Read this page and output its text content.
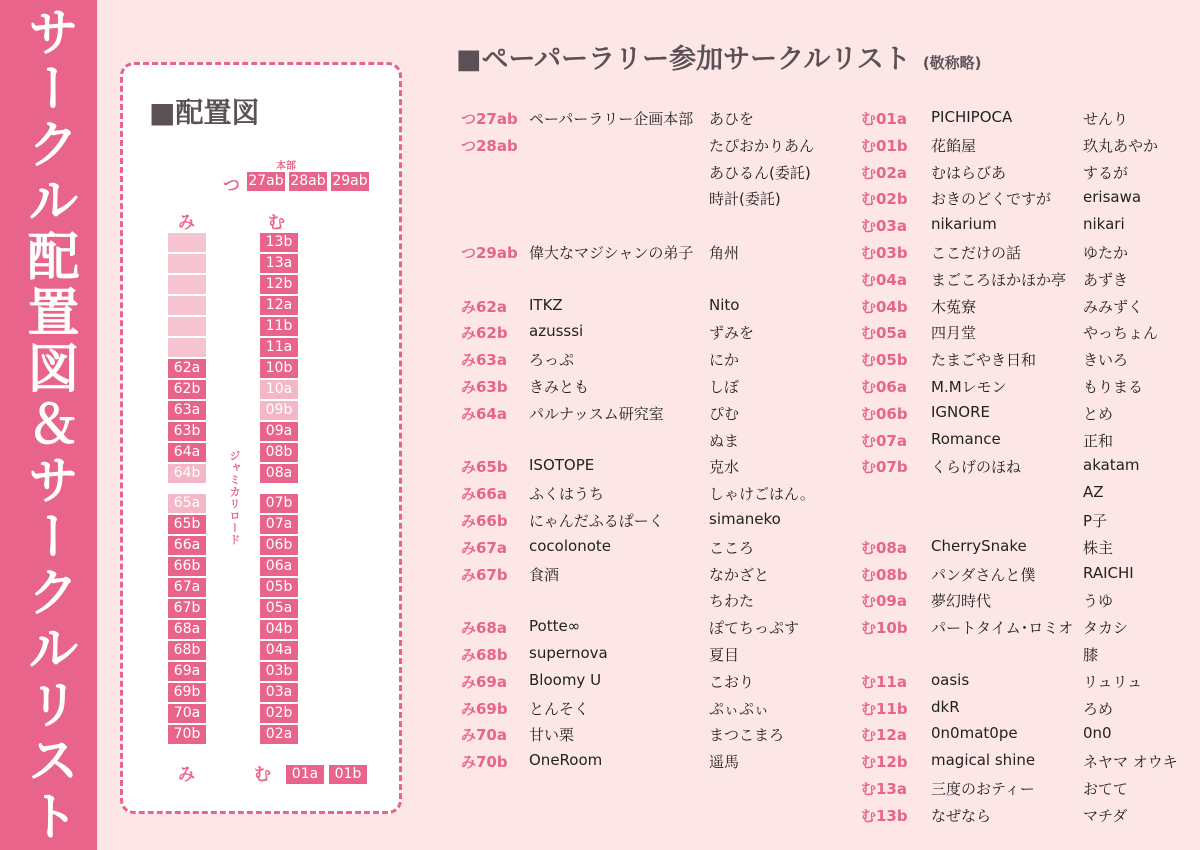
サークル配置図＆サークルリスト	■配置図
本部
つ 27ab 28ab 29ab
み	む
62a
62b
63a
63b
64a
64b
65a
65b
66a
66b
67a
67b
68a
68b
69a
69b
70a
70b
13b
13a
12b
12a
11b
11a
10b
10a
09b
09a
08b
08a
07b
07a
06b
06a
05b
05a
04b
04a
03b
03a
02b
02a
ジャミカリロード
み	む	01a	01b
■ペーパーラリー参加サークルリスト (敬称略)
つ27ab ペーパーラリー企画本部 あひを
つ28ab	たぴおかりあん
あひるん(委託)
時計(委託)
つ29ab 偉大なマジシャンの弟子 角州
み62a ITKZ	Nito
み62b azusssi	ずみを
み63a ろっぷ	にか
み63b きみとも	しぼ
み64a パルナッスム研究室	ぴむ
ぬま
み65b ISOTOPE	克水
み66a ふくはうち	しゃけごはん。
み66b にゃんだふるぱーく	simaneko
み67a cocolonote	こころ
み67b 食酒	なかざと
ちわた
み68a Potte∞	ぽてちっぷす
み68b supernova	夏目
み69a Bloomy U	こおり
み69b とんそく	ぷぃぷぃ
み70a 甘い栗	まつこまろ
み70b OneRoom	遥馬
む01a PICHIPOCA	せんり
む01b 花餡屋	玖丸あやか
む02a むはらびあ	するが
む02b おきのどくですが erisawa
む03a nikarium	nikari
む03b ここだけの話	ゆたか
む04a まごころほかほか亭 あずき
む04b 木菟寮	みみずく
む05a 四月堂	やっちょん
む05b たまごやき日和	きいろ
む06a M.Mレモン	もりまる
む06b IGNORE	とめ
む07a Romance	正和
む07b くらげのほね	akatam
AZ
P子
む08a CherrySnake	株主
む08b パンダさんと僕	RAICHI
む09a 夢幻時代	うゆ
む10b パートタイム･ロミオ タカシ
膝
む11a oasis	リュリュ
む11b dkR	ろめ
む12a 0n0mat0pe	0n0
む12b magical shine	ネヤマ オウキ
む13a 三度のおティー	おてて
む13b なぜなら	マチダ
